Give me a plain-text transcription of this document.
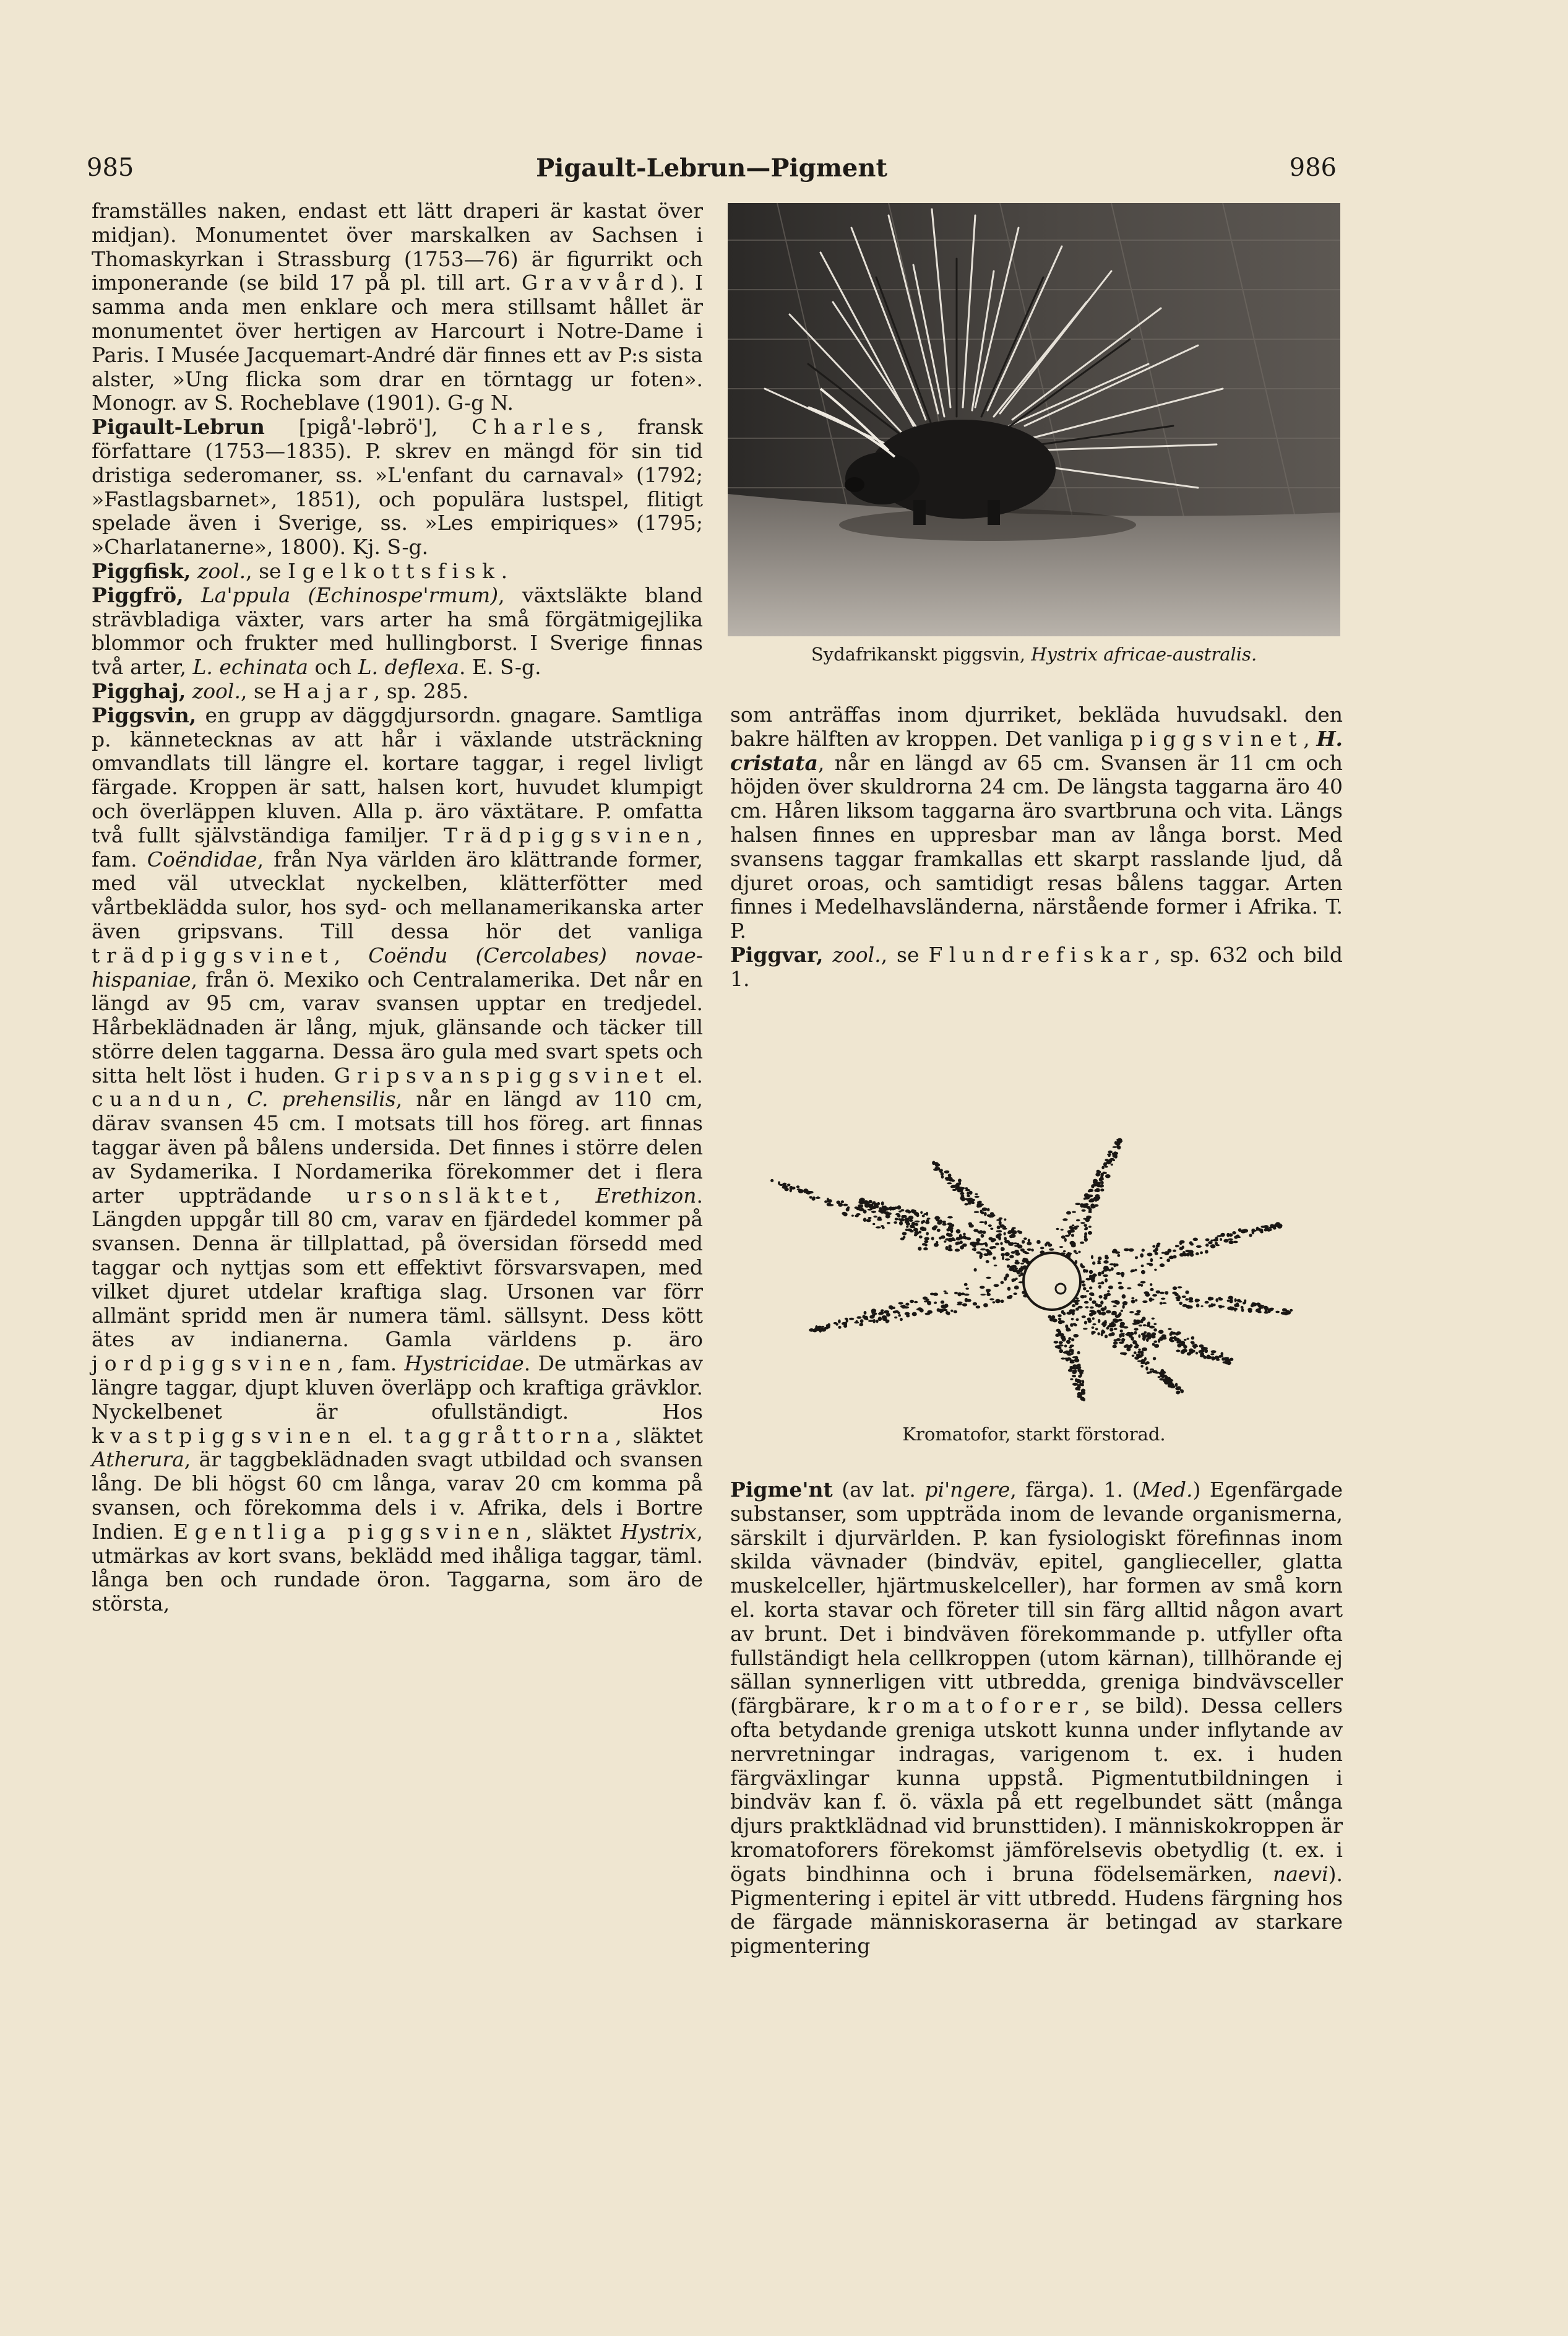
985	Pigault-Lebrun—Pigment	986

framställes naken, endast ett lätt draperi är kastat över midjan). Monumentet över marskalken av Sachsen i Thomaskyrkan i Strassburg (1753—76) är figurrikt och imponerande (se bild 17 på pl. till art. Gravvård). I samma anda men enklare och mera stillsamt hållet är monumentet över hertigen av Harcourt i Notre-Dame i Paris. I Musée Jacquemart-André där finnes ett av P:s sista alster, »Ung flicka som drar en törntagg ur foten». Monogr. av S. Rocheblave (1901). G-g N.

Pigault-Lebrun [pigå'-ləbrö'], Charles, fransk författare (1753—1835). P. skrev en mängd för sin tid dristiga sederomaner, ss. »L'enfant du carnaval» (1792; »Fastlagsbarnet», 1851), och populära lustspel, flitigt spelade även i Sverige, ss. »Les empiriques» (1795; »Charlatanerne», 1800). Kj. S-g.

Piggfisk, zool., se Igelkottsfisk.

Piggfrö, La'ppula (Echinospe'rmum), växtsläkte bland strävbladiga växter, vars arter ha små förgätmigejlika blommor och frukter med hullingborst. I Sverige finnas två arter, L. echinata och L. deflexa. E. S-g.

Pigghaj, zool., se Hajar, sp. 285.

Piggsvin, en grupp av däggdjursordn. gnagare. Samtliga p. kännetecknas av att hår i växlande utsträckning omvandlats till längre el. kortare taggar, i regel livligt färgade. Kroppen är satt, halsen kort, huvudet klumpigt och överläppen kluven. Alla p. äro växtätare. P. omfatta två fullt självständiga familjer. Trädpiggsvinen, fam. Coëndidae, från Nya världen äro klättrande former, med väl utvecklat nyckelben, klätterfötter med vårtbeklädda sulor, hos syd- och mellanamerikanska arter även gripsvans. Till dessa hör det vanliga trädpiggsvinet, Coëndu (Cercolabes) novae-hispaniae, från ö. Mexiko och Centralamerika. Det når en längd av 95 cm, varav svansen upptar en tredjedel. Hårbeklädnaden är lång, mjuk, glänsande och täcker till större delen taggarna. Dessa äro gula med svart spets och sitta helt löst i huden. Gripsvanspiggsvinet el. cuandun, C. prehensilis, når en längd av 110 cm, därav svansen 45 cm. I motsats till hos föreg. art finnas taggar även på bålens undersida. Det finnes i större delen av Sydamerika. I Nordamerika förekommer det i flera arter uppträdande ursonsläktet, Erethizon. Längden uppgår till 80 cm, varav en fjärdedel kommer på svansen. Denna är tillplattad, på översidan försedd med taggar och nyttjas som ett effektivt försvarsvapen, med vilket djuret utdelar kraftiga slag. Ursonen var förr allmänt spridd men är numera täml. sällsynt. Dess kött ätes av indianerna. Gamla världens p. äro jordpiggsvinen, fam. Hystricidae. De utmärkas av längre taggar, djupt kluven överläpp och kraftiga grävklor. Nyckelbenet är ofullständigt. Hos kvastpiggsvinen el. taggråttorna, släktet Atherura, är taggbeklädnaden svagt utbildad och svansen lång. De bli högst 60 cm långa, varav 20 cm komma på svansen, och förekomma dels i v. Afrika, dels i Bortre Indien. Egentliga piggsvinen, släktet Hystrix, utmärkas av kort svans, beklädd med ihåliga taggar, täml. långa ben och rundade öron. Taggarna, som äro de största,

Sydafrikanskt piggsvin, Hystrix africae-australis.

som anträffas inom djurriket, beklädа huvudsakl. den bakre hälften av kroppen. Det vanliga piggsvinet, H. cristata, når en längd av 65 cm. Svansen är 11 cm och höjden över skuldrorna 24 cm. De längsta taggarna äro 40 cm. Håren liksom taggarna äro svartbruna och vita. Längs halsen finnes en uppresbar man av långa borst. Med svansens taggar framkallas ett skarpt rasslande ljud, då djuret oroas, och samtidigt resas bålens taggar. Arten finnes i Medelhavsländerna, närstående former i Afrika. T. P.

Piggvar, zool., se Flundrefiskar, sp. 632 och bild 1.

Kromatofor, starkt förstorad.

Pigme'nt (av lat. pi'ngere, färga). 1. (Med.) Egenfärgade substanser, som uppträda inom de levande organismerna, särskilt i djurvärlden. P. kan fysiologiskt förefinnas inom skilda vävnader (bindväv, epitel, gangliecellеr, glatta muskelceller, hjärtmuskelceller), har formen av små korn el. korta stavar och företer till sin färg alltid någon avart av brunt. Det i bindväven förekommande p. utfyller ofta fullständigt hela cellkroppen (utom kärnan), tillhörande ej sällan synnerligen vitt utbredda, greniga bindvävsceller (färgbärare, kromatoforer, se bild). Dessa cellers ofta betydande greniga utskott kunna under inflytande av nervretningar indragas, varigenom t. ex. i huden färgväxlingar kunna uppstå. Pigmentutbildningen i bindväv kan f. ö. växla på ett regelbundet sätt (många djurs praktklädnad vid brunsttiden). I människokroppen är kromatoforers förekomst jämförelsevis obetydlig (t. ex. i ögats bindhinna och i bruna födelsemärken, naevi). Pigmentering i epitel är vitt utbredd. Hudens färgning hos de färgade människoraserna är betingad av starkare pigmentering
